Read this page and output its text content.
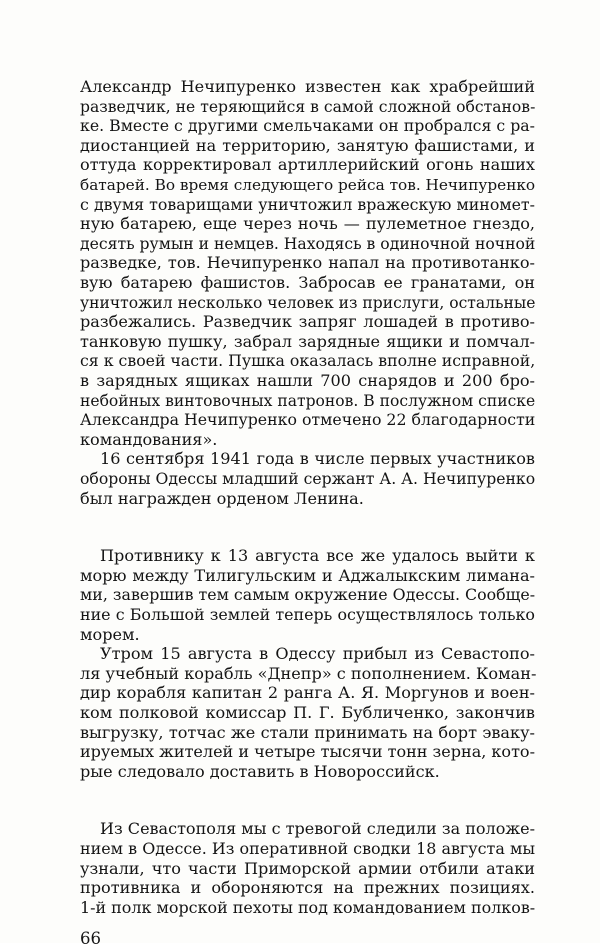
Александр Нечипуренко известен как храбрейший
разведчик, не теряющийся в самой сложной обстанов-
ке. Вместе с другими смельчаками он пробрался с ра-
диостанцией на территорию, занятую фашистами, и
оттуда корректировал артиллерийский огонь наших
батарей. Во время следующего рейса тов. Нечипуренко
с двумя товарищами уничтожил вражескую миномет-
ную батарею, еще через ночь — пулеметное гнездо,
десять румын и немцев. Находясь в одиночной ночной
разведке, тов. Нечипуренко напал на противотанко-
вую батарею фашистов. Забросав ее гранатами, он
уничтожил несколько человек из прислуги, остальные
разбежались. Разведчик запряг лошадей в противо-
танковую пушку, забрал зарядные ящики и помчал-
ся к своей части. Пушка оказалась вполне исправной,
в зарядных ящиках нашли 700 снарядов и 200 бро-
небойных винтовочных патронов. В послужном списке
Александра Нечипуренко отмечено 22 благодарности
командования».
16 сентября 1941 года в числе первых участников
обороны Одессы младший сержант А. А. Нечипуренко
был награжден орденом Ленина.
Противнику к 13 августа все же удалось выйти к
морю между Тилигульским и Аджалыкским лимана-
ми, завершив тем самым окружение Одессы. Сообще-
ние с Большой землей теперь осуществлялось только
морем.
Утром 15 августа в Одессу прибыл из Севастопо-
ля учебный корабль «Днепр» с пополнением. Коман-
дир корабля капитан 2 ранга А. Я. Моргунов и воен-
ком полковой комиссар П. Г. Бубличенко, закончив
выгрузку, тотчас же стали принимать на борт эваку-
ируемых жителей и четыре тысячи тонн зерна, кото-
рые следовало доставить в Новороссийск.
Из Севастополя мы с тревогой следили за положе-
нием в Одессе. Из оперативной сводки 18 августа мы
узнали, что части Приморской армии отбили атаки
противника и обороняются на прежних позициях.
1-й полк морской пехоты под командованием полков-
66
